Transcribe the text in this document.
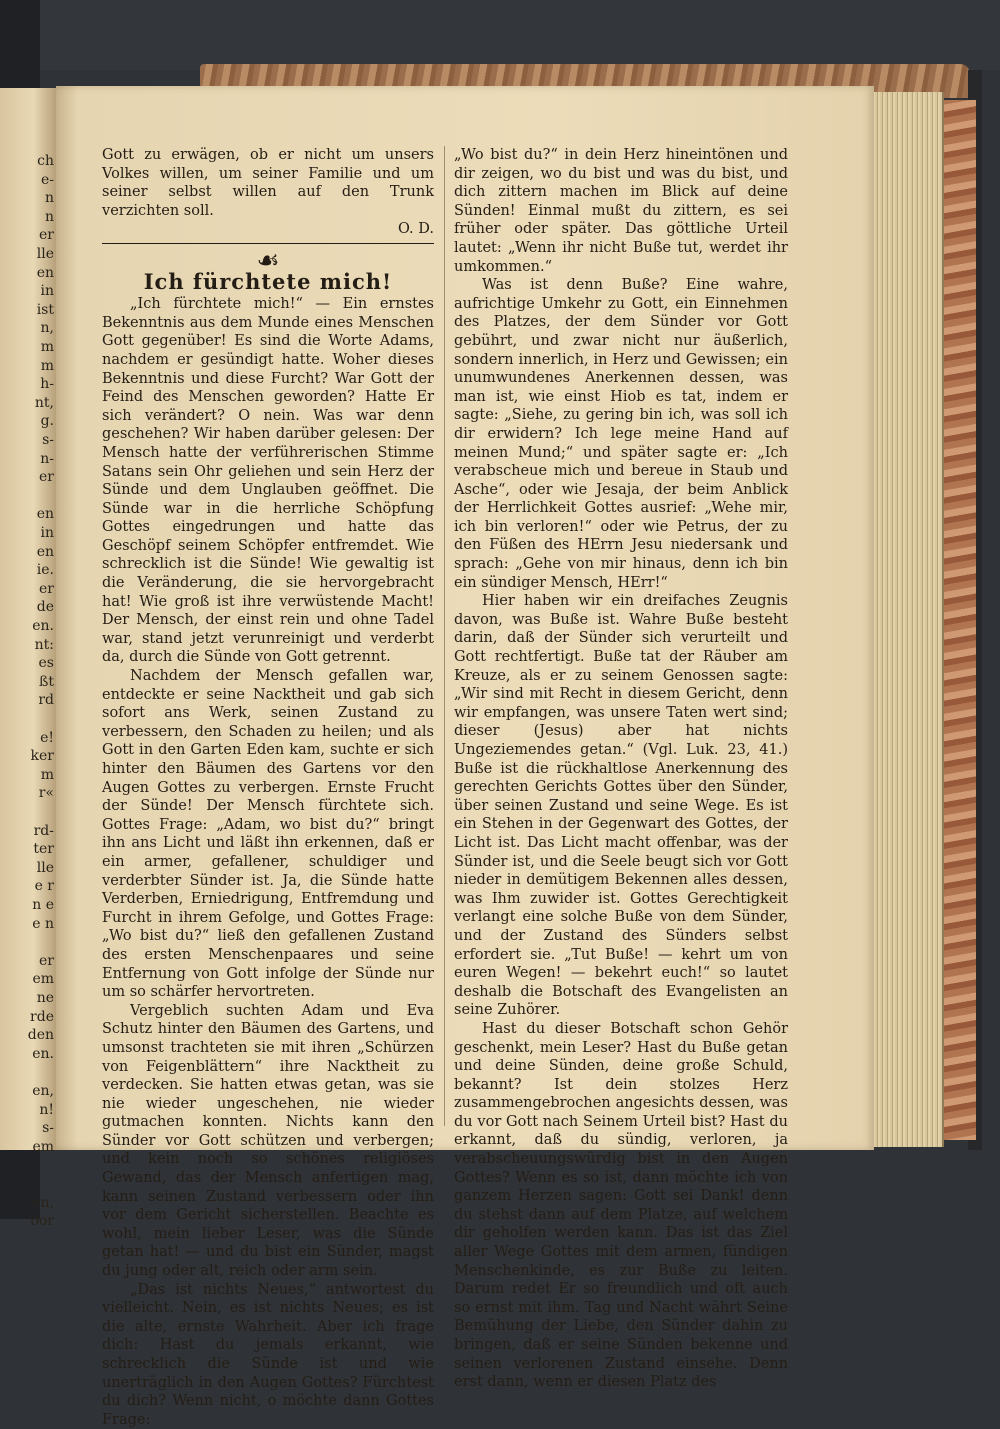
ch
e-
n
n
er
lle
en
in
ist
n,
m
m
h-
nt,
g.
s-
n-
er
en
in
en
ie.
er
de
en.
nt:
es
ßt
rd
e!
ker
m
r«
rd-
ter
lle
e r
n e
e n
er
em
ne
rde
den
en.
en,
n!
s-
em
en,
oor

Gott zu erwägen, ob er nicht um unsers Volkes willen, um seiner Familie und um seiner selbst willen auf den Trunk verzichten soll.

O. D.
☙
Ich fürchtete mich!

„Ich fürchtete mich!“ — Ein ernstes Bekenntnis aus dem Munde eines Menschen Gott gegenüber! Es sind die Worte Adams, nachdem er gesündigt hatte. Woher dieses Bekenntnis und diese Furcht? War Gott der Feind des Menschen geworden? Hatte Er sich verändert? O nein. Was war denn geschehen? Wir haben darüber gelesen: Der Mensch hatte der verführerischen Stimme Satans sein Ohr geliehen und sein Herz der Sünde und dem Unglauben geöffnet. Die Sünde war in die herrliche Schöpfung Gottes eingedrungen und hatte das Geschöpf seinem Schöpfer entfremdet. Wie schrecklich ist die Sünde! Wie gewaltig ist die Veränderung, die sie hervorgebracht hat! Wie groß ist ihre verwüstende Macht! Der Mensch, der einst rein und ohne Tadel war, stand jetzt verunreinigt und verderbt da, durch die Sünde von Gott getrennt.

Nachdem der Mensch gefallen war, entdeckte er seine Nacktheit und gab sich sofort ans Werk, seinen Zustand zu verbessern, den Schaden zu heilen; und als Gott in den Garten Eden kam, suchte er sich hinter den Bäumen des Gartens vor den Augen Gottes zu verbergen. Ernste Frucht der Sünde! Der Mensch fürchtete sich. Gottes Frage: „Adam, wo bist du?“ bringt ihn ans Licht und läßt ihn erkennen, daß er ein armer, gefallener, schuldiger und verderbter Sünder ist. Ja, die Sünde hatte Verderben, Erniedrigung, Entfremdung und Furcht in ihrem Gefolge, und Gottes Frage: „Wo bist du?“ ließ den gefallenen Zustand des ersten Menschenpaares und seine Entfernung von Gott infolge der Sünde nur um so schärfer hervortreten.

Vergeblich suchten Adam und Eva Schutz hinter den Bäumen des Gartens, und umsonst trachteten sie mit ihren „Schürzen von Feigenblättern“ ihre Nacktheit zu verdecken. Sie hatten etwas getan, was sie nie wieder ungeschehen, nie wieder gutmachen konnten. Nichts kann den Sünder vor Gott schützen und verbergen; und kein noch so schönes religiöses Gewand, das der Mensch anfertigen mag, kann seinen Zustand verbessern oder ihn vor dem Gericht sicherstellen. Beachte es wohl, mein lieber Leser, was die Sünde getan hat! — und du bist ein Sünder, magst du jung oder alt, reich oder arm sein.

„Das ist nichts Neues,“ antwortest du vielleicht. Nein, es ist nichts Neues; es ist die alte, ernste Wahrheit. Aber ich frage dich: Hast du jemals erkannt, wie schrecklich die Sünde ist und wie unerträglich in den Augen Gottes? Fürchtest du dich? Wenn nicht, o möchte dann Gottes Frage:

„Wo bist du?“ in dein Herz hineintönen und dir zeigen, wo du bist und was du bist, und dich zittern machen im Blick auf deine Sünden! Einmal mußt du zittern, es sei früher oder später. Das göttliche Urteil lautet: „Wenn ihr nicht Buße tut, werdet ihr umkommen.“

Was ist denn Buße? Eine wahre, aufrichtige Umkehr zu Gott, ein Einnehmen des Platzes, der dem Sünder vor Gott gebührt, und zwar nicht nur äußerlich, sondern innerlich, in Herz und Gewissen; ein unumwundenes Anerkennen dessen, was man ist, wie einst Hiob es tat, indem er sagte: „Siehe, zu gering bin ich, was soll ich dir erwidern? Ich lege meine Hand auf meinen Mund;“ und später sagte er: „Ich verabscheue mich und bereue in Staub und Asche“, oder wie Jesaja, der beim Anblick der Herrlichkeit Gottes ausrief: „Wehe mir, ich bin verloren!“ oder wie Petrus, der zu den Füßen des HErrn Jesu niedersank und sprach: „Gehe von mir hinaus, denn ich bin ein sündiger Mensch, HErr!“

Hier haben wir ein dreifaches Zeugnis davon, was Buße ist. Wahre Buße besteht darin, daß der Sünder sich verurteilt und Gott rechtfertigt. Buße tat der Räuber am Kreuze, als er zu seinem Genossen sagte: „Wir sind mit Recht in diesem Gericht, denn wir empfangen, was unsere Taten wert sind; dieser (Jesus) aber hat nichts Ungeziemendes getan.“ (Vgl. Luk. 23, 41.) Buße ist die rückhaltlose Anerkennung des gerechten Gerichts Gottes über den Sünder, über seinen Zustand und seine Wege. Es ist ein Stehen in der Gegenwart des Gottes, der Licht ist. Das Licht macht offenbar, was der Sünder ist, und die Seele beugt sich vor Gott nieder in demütigem Bekennen alles dessen, was Ihm zuwider ist. Gottes Gerechtigkeit verlangt eine solche Buße von dem Sünder, und der Zustand des Sünders selbst erfordert sie. „Tut Buße! — kehrt um von euren Wegen! — bekehrt euch!“ so lautet deshalb die Botschaft des Evangelisten an seine Zuhörer.

Hast du dieser Botschaft schon Gehör geschenkt, mein Leser? Hast du Buße getan und deine Sünden, deine große Schuld, bekannt? Ist dein stolzes Herz zusammengebrochen angesichts dessen, was du vor Gott nach Seinem Urteil bist? Hast du erkannt, daß du sündig, verloren, ja verabscheuungswürdig bist in den Augen Gottes? Wenn es so ist, dann möchte ich von ganzem Herzen sagen: Gott sei Dank! denn du stehst dann auf dem Platze, auf welchem dir geholfen werden kann. Das ist das Ziel aller Wege Gottes mit dem armen, fündigen Menschenkinde, es zur Buße zu leiten. Darum redet Er so freundlich und oft auch so ernst mit ihm. Tag und Nacht währt Seine Bemühung der Liebe, den Sünder dahin zu bringen, daß er seine Sünden bekenne und seinen verlorenen Zustand einsehe. Denn erst dann, wenn er diesen Platz des
